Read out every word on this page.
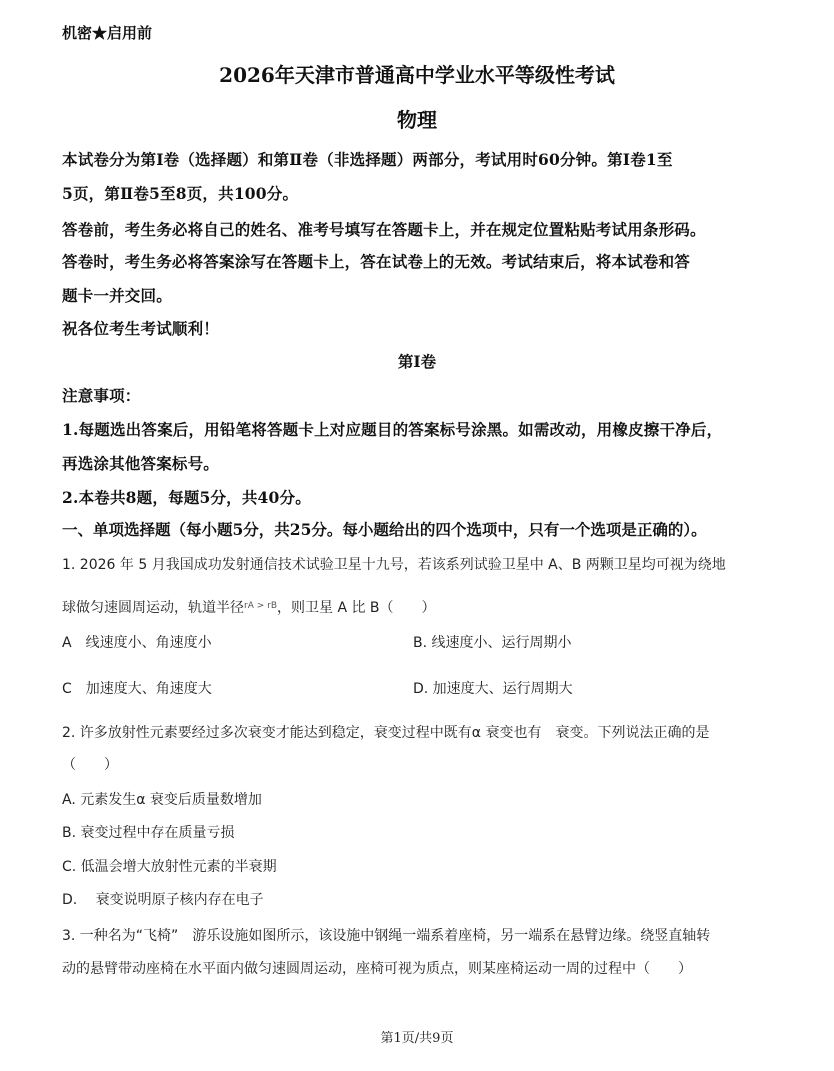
机密★启用前
2026年天津市普通高中学业水平等级性考试
物理
本试卷分为第Ⅰ卷（选择题）和第Ⅱ卷（非选择题）两部分，考试用时60分钟。第Ⅰ卷1至
5页，第Ⅱ卷5至8页，共100分。
答卷前，考生务必将自己的姓名、准考号填写在答题卡上，并在规定位置粘贴考试用条形码。
答卷时，考生务必将答案涂写在答题卡上，答在试卷上的无效。考试结束后，将本试卷和答
题卡一并交回。
祝各位考生考试顺利！
第Ⅰ卷
注意事项：
1.每题选出答案后，用铅笔将答题卡上对应题目的答案标号涂黑。如需改动，用橡皮擦干净后，
再选涂其他答案标号。
2.本卷共8题，每题5分，共40分。
一、单项选择题（每小题5分，共25分。每小题给出的四个选项中，只有一个选项是正确的）。
1. 2026 年 5 月我国成功发射通信技术试验卫星十九号，若该系列试验卫星中 A、B 两颗卫星均可视为绕地
球做匀速圆周运动，轨道半径$^{rA > rB}$，则卫星 A 比 B（　　）
A　线速度小、角速度小	B. 线速度小、运行周期小
C　加速度大、角速度大	D. 加速度大、运行周期大
2. 许多放射性元素要经过多次衰变才能达到稳定，衰变过程中既有α 衰变也有　衰变。下列说法正确的是
（　　）
A. 元素发生α 衰变后质量数增加
B. 衰变过程中存在质量亏损
C. 低温会增大放射性元素的半衰期
D.　 衰变说明原子核内存在电子
3. 一种名为“飞椅”　游乐设施如图所示，该设施中钢绳一端系着座椅，另一端系在悬臂边缘。绕竖直轴转
动的悬臂带动座椅在水平面内做匀速圆周运动，座椅可视为质点，则某座椅运动一周的过程中（　　）
第1页/共9页
